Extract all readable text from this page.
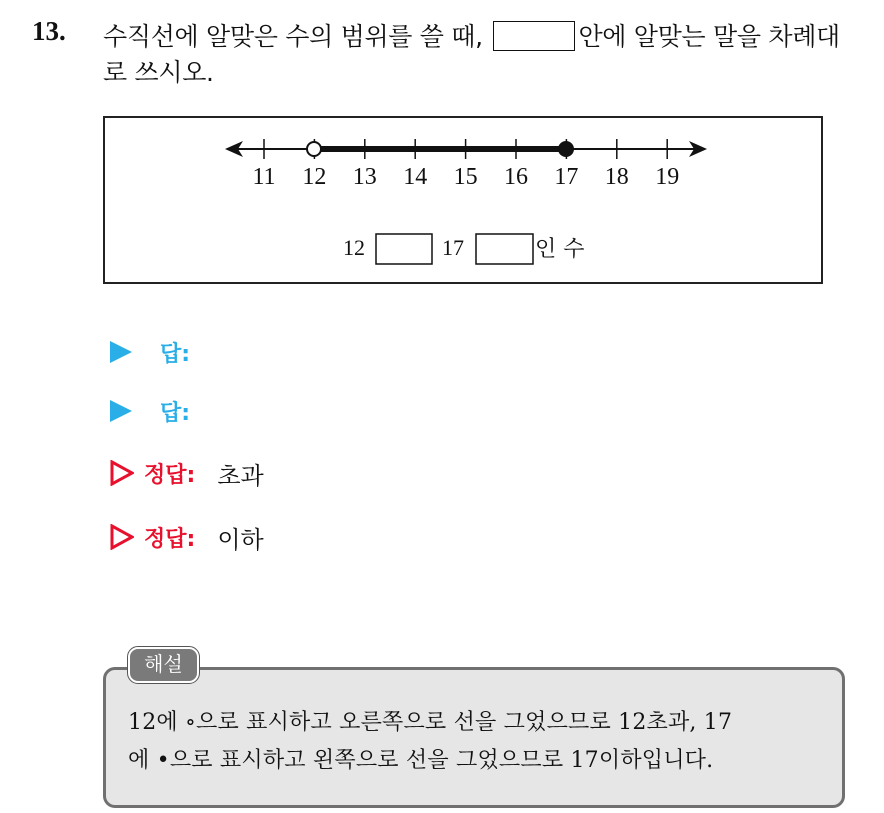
13. 수직선에 알맞은 수의 범위를 쓸 때,	안에 알맞는 말을 차례대로 쓰시오.
11 12 13 14 15 16 17 18 19
12	17	인 수
답:
답:
정답: 초과
정답: 이하
해설
12에 ∘으로 표시하고 오른쪽으로 선을 그었으므로 12초과, 17
에 •으로 표시하고 왼쪽으로 선을 그었으므로 17이하입니다.
